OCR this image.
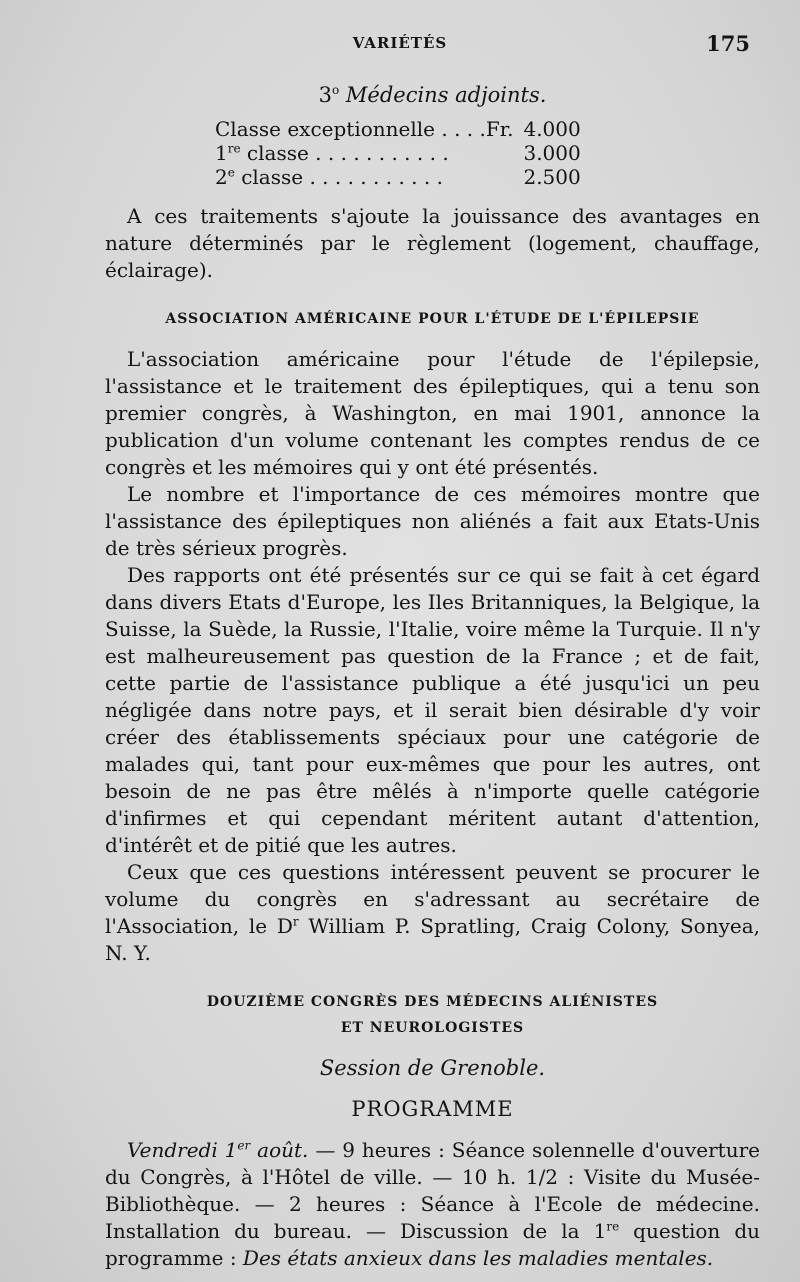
VARIÉTÉS	175
3$^o$ Médecins adjoints.
Classe exceptionnelle . . . .	Fr.	4.000
1re classe . . . . . . . . . . .		3.000
2e classe . . . . . . . . . . .		2.500

A ces traitements s'ajoute la jouissance des avantages en nature déterminés par le règlement (logement, chauffage, éclairage).

ASSOCIATION AMÉRICAINE POUR L'ÉTUDE DE L'ÉPILEPSIE

L'association américaine pour l'étude de l'épilepsie, l'assistance et le traitement des épileptiques, qui a tenu son premier congrès, à Washington, en mai 1901, annonce la publication d'un volume contenant les comptes rendus de ce congrès et les mémoires qui y ont été présentés.

Le nombre et l'importance de ces mémoires montre que l'assistance des épileptiques non aliénés a fait aux Etats-Unis de très sérieux progrès.

Des rapports ont été présentés sur ce qui se fait à cet égard dans divers Etats d'Europe, les Iles Britanniques, la Belgique, la Suisse, la Suède, la Russie, l'Italie, voire même la Turquie. Il n'y est malheureusement pas question de la France ; et de fait, cette partie de l'assistance publique a été jusqu'ici un peu négligée dans notre pays, et il serait bien désirable d'y voir créer des établissements spéciaux pour une catégorie de malades qui, tant pour eux-mêmes que pour les autres, ont besoin de ne pas être mêlés à n'importe quelle catégorie d'infirmes et qui cependant méritent autant d'attention, d'intérêt et de pitié que les autres.

Ceux que ces questions intéressent peuvent se procurer le volume du congrès en s'adressant au secrétaire de l'Association, le $D^r$ William P. Spratling, Craig Colony, Sonyea, N. Y.

DOUZIÈME CONGRÈS DES MÉDECINS ALIÉNISTES
ET NEUROLOGISTES
Session de Grenoble.
PROGRAMME

Vendredi 1er août. — 9 heures : Séance solennelle d'ouverture du Congrès, à l'Hôtel de ville. — 10 h. 1/2 : Visite du Musée-Bibliothèque. — 2 heures : Séance à l'Ecole de médecine. Installation du bureau. — Discussion de la 1re question du programme : Des états anxieux dans les maladies mentales.
